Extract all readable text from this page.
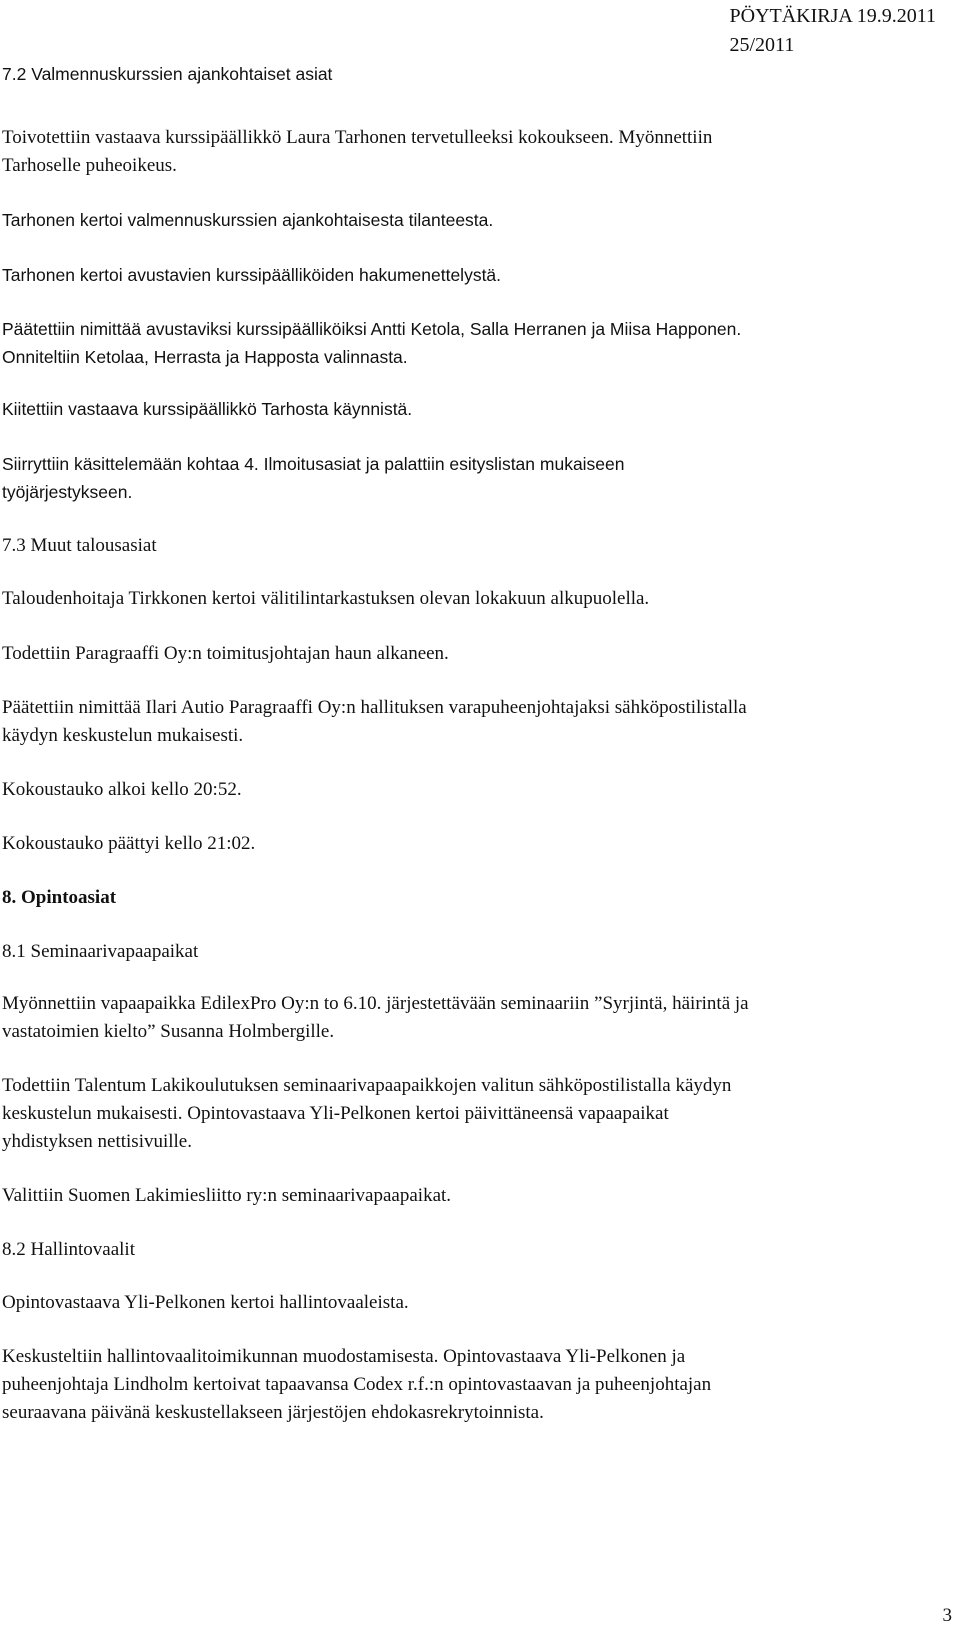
PÖYTÄKIRJA 19.9.2011
25/2011

7.2 Valmennuskurssien ajankohtaiset asiat

Toivotettiin vastaava kurssipäällikkö Laura Tarhonen tervetulleeksi kokoukseen. Myönnettiin
Tarhoselle puheoikeus.

Tarhonen kertoi valmennuskurssien ajankohtaisesta tilanteesta.

Tarhonen kertoi avustavien kurssipäälliköiden hakumenettelystä.

Päätettiin nimittää avustaviksi kurssipäälliköiksi Antti Ketola, Salla Herranen ja Miisa Happonen.
Onniteltiin Ketolaa, Herrasta ja Happosta valinnasta.

Kiitettiin vastaava kurssipäällikkö Tarhosta käynnistä.

Siirryttiin käsittelemään kohtaa 4. Ilmoitusasiat ja palattiin esityslistan mukaiseen
työjärjestykseen.

7.3 Muut talousasiat

Taloudenhoitaja Tirkkonen kertoi välitilintarkastuksen olevan lokakuun alkupuolella.

Todettiin Paragraaffi Oy:n toimitusjohtajan haun alkaneen.

Päätettiin nimittää Ilari Autio Paragraaffi Oy:n hallituksen varapuheenjohtajaksi sähköpostilistalla
käydyn keskustelun mukaisesti.

Kokoustauko alkoi kello 20:52.

Kokoustauko päättyi kello 21:02.

8. Opintoasiat

8.1 Seminaarivapaapaikat

Myönnettiin vapaapaikka EdilexPro Oy:n to 6.10. järjestettävään seminaariin ”Syrjintä, häirintä ja
vastatoimien kielto” Susanna Holmbergille.

Todettiin Talentum Lakikoulutuksen seminaarivapaapaikkojen valitun sähköpostilistalla käydyn
keskustelun mukaisesti. Opintovastaava Yli-Pelkonen kertoi päivittäneensä vapaapaikat
yhdistyksen nettisivuille.

Valittiin Suomen Lakimiesliitto ry:n seminaarivapaapaikat.

8.2 Hallintovaalit

Opintovastaava Yli-Pelkonen kertoi hallintovaaleista.

Keskusteltiin hallintovaalitoimikunnan muodostamisesta. Opintovastaava Yli-Pelkonen ja
puheenjohtaja Lindholm kertoivat tapaavansa Codex r.f.:n opintovastaavan ja puheenjohtajan
seuraavana päivänä keskustellakseen järjestöjen ehdokasrekrytoinnista.

3
